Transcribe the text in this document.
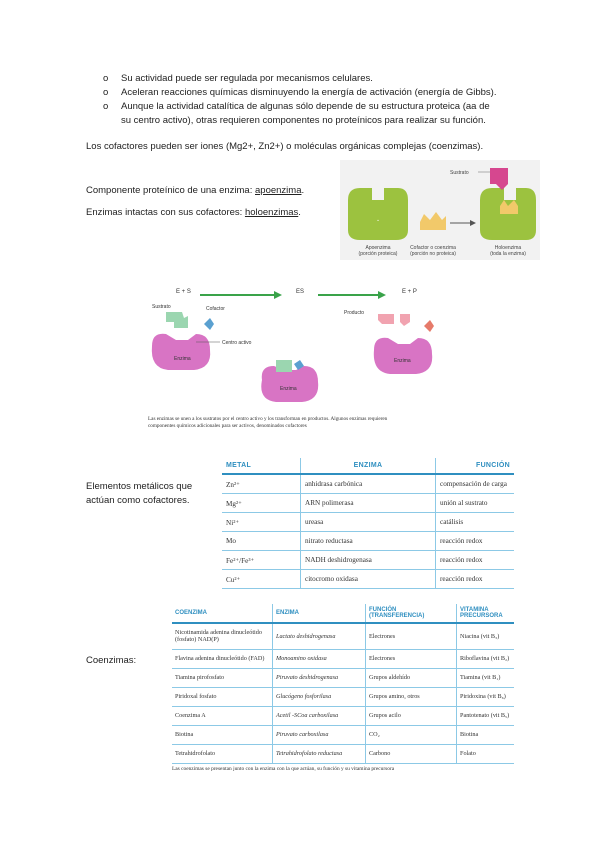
o Su actividad puede ser regulada por mecanismos celulares.
o Aceleran reacciones químicas disminuyendo la energía de activación (energía de Gibbs).
o Aunque la actividad catalítica de algunas sólo depende de su estructura proteica (aa de
su centro activo), otras requieren componentes no proteínicos para realizar su función.
Los cofactores pueden ser iones (Mg2+, Zn2+) o moléculas orgánicas complejas (coenzimas).
Componente proteínico de una enzima: apoenzima.
Enzimas intactas con sus cofactores: holoenzimas.
·
Sustrato
Apoenzima
(porción proteica)
Cofactor o coenzima
(porción no proteica)
Holoenzima
(toda la enzima)
E + S	ES	E + P
Sustrato	Cofactor
Enzima
Centro activo
Enzima
Producto
Enzima
Las enzimas se unen a los sustratos por el centro activo y los transforman en productos. Algunos enzimas requieren
componentes químicos adicionales para ser activos, denominados cofactores
Elementos metálicos que
actúan como cofactores.
METAL	ENZIMA	FUNCIÓN
Zn²⁺	anhidrasa carbónica	compensación de carga
Mg²⁺	ARN polimerasa	unión al sustrato
Ni²⁺	ureasa	catálisis
Mo	nitrato reductasa	reacción redox
Fe²⁺/Fe³⁺	NADH deshidrogenasa	reacción redox
Cu²⁺	citocromo oxidasa	reacción redox
Coenzimas:
COENZIMA	ENZIMA	FUNCIÓN (TRANSFERENCIA)	VITAMINA PRECURSORA
Nicotinamida adenina dinucleótido (fosfato) NAD(P)	Lactato deshidrogenasa	Electrones	Niacina (vit B₃)
Flavina adenina dinucleótido (FAD)	Monoamino oxidasa	Electrones	Riboflavina (vit B₂)
Tiamina pirofosfato	Piruvato deshidrogenasa	Grupos aldehído	Tiamina (vit B₁)
Piridoxal fosfato	Glucógeno fosforilasa	Grupos amino, otros	Piridoxina (vit B₆)
Coenzima A	Acetil -SCoa carboxilasa	Grupos acilo	Pantotenato (vit B₅)
Biotina	Piruvato carboxilasa	CO₂	Biotina
Tetrahidrofolato	Tetrahidrofolato reductasa	Carbono	Folato
Las coenzimas se presentan junto con la enzima con la que actúan, su función y su vitamina precursora
